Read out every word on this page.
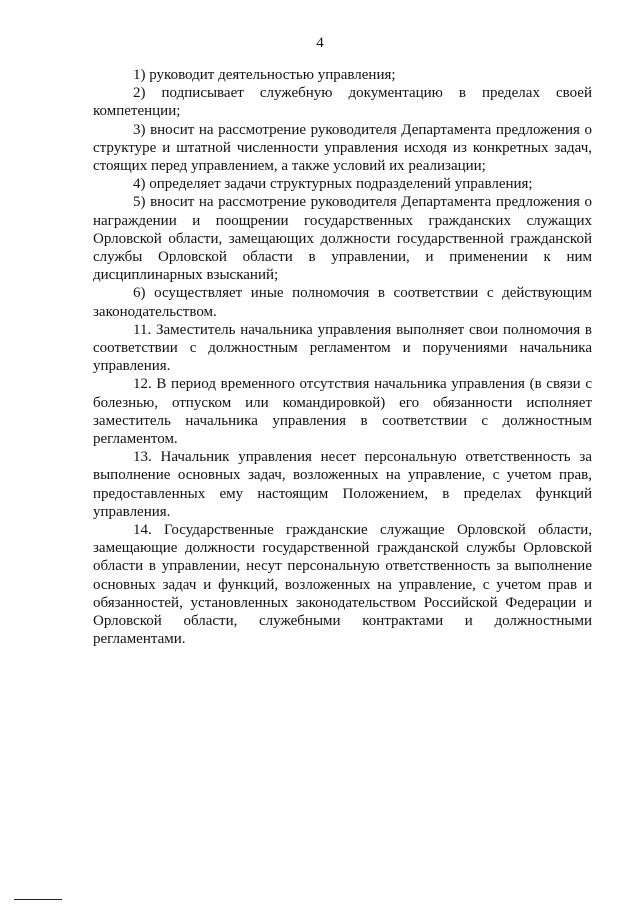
4

1) руководит деятельностью управления;

2) подписывает служебную документацию в пределах своей компетенции;

3) вносит на рассмотрение руководителя Департамента предложения о структуре и штатной численности управления исходя из конкретных задач, стоящих перед управлением, а также условий их реализации;

4) определяет задачи структурных подразделений управления;

5) вносит на рассмотрение руководителя Департамента предложения о награждении и поощрении государственных гражданских служащих Орловской области, замещающих должности государственной гражданской службы Орловской области в управлении, и применении к ним дисциплинарных взысканий;

6) осуществляет иные полномочия в соответствии с действующим законодательством.

11. Заместитель начальника управления выполняет свои полномочия в соответствии с должностным регламентом и поручениями начальника управления.

12. В период временного отсутствия начальника управления (в связи с болезнью, отпуском или командировкой) его обязанности исполняет заместитель начальника управления в соответствии с должностным регламентом.

13. Начальник управления несет персональную ответственность за выполнение основных задач, возложенных на управление, с учетом прав, предоставленных ему настоящим Положением, в пределах функций управления.

14. Государственные гражданские служащие Орловской области, замещающие должности государственной гражданской службы Орловской области в управлении, несут персональную ответственность за выполнение основных задач и функций, возложенных на управление, с учетом прав и обязанностей, установленных законодательством Российской Федерации и Орловской области, служебными контрактами и должностными регламентами.
